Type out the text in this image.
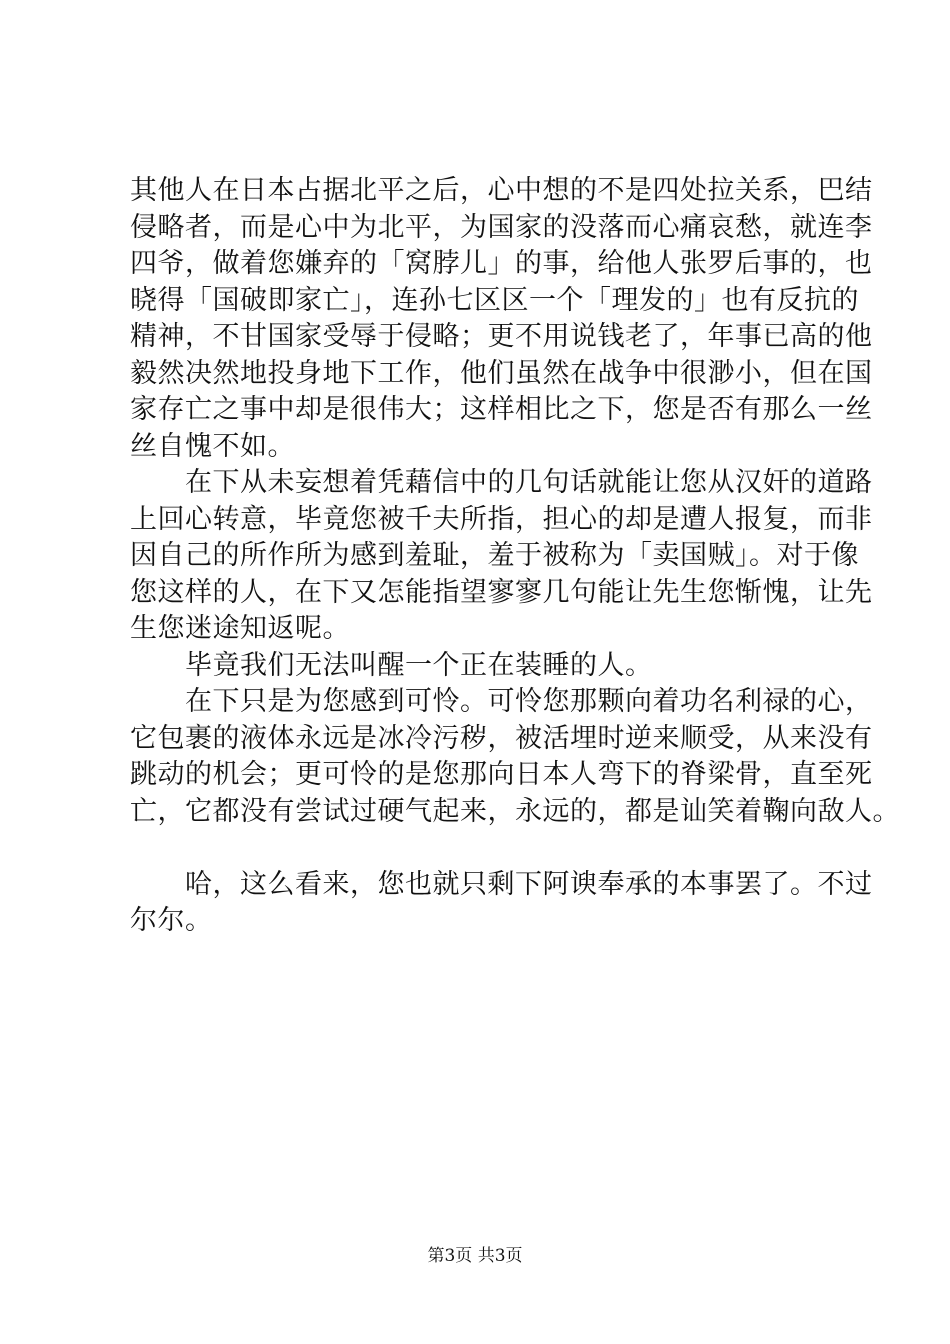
其他人在日本占据北平之后，心中想的不是四处拉关系，巴结
侵略者，而是心中为北平，为国家的没落而心痛哀愁，就连李
四爷，做着您嫌弃的「窝脖儿」的事，给他人张罗后事的，也
晓得「国破即家亡」，连孙七区区一个「理发的」也有反抗的
精神，不甘国家受辱于侵略；更不用说钱老了，年事已高的他
毅然决然地投身地下工作，他们虽然在战争中很渺小，但在国
家存亡之事中却是很伟大；这样相比之下，您是否有那么一丝
丝自愧不如。
　　在下从未妄想着凭藉信中的几句话就能让您从汉奸的道路
上回心转意，毕竟您被千夫所指，担心的却是遭人报复，而非
因自己的所作所为感到羞耻，羞于被称为「卖国贼」。对于像
您这样的人，在下又怎能指望寥寥几句能让先生您惭愧，让先
生您迷途知返呢。
　　毕竟我们无法叫醒一个正在装睡的人。
　　在下只是为您感到可怜。可怜您那颗向着功名利禄的心，
它包裹的液体永远是冰冷污秽，被活埋时逆来顺受，从来没有
跳动的机会；更可怜的是您那向日本人弯下的脊梁骨，直至死
亡，它都没有尝试过硬气起来，永远的，都是讪笑着鞠向敌人。
　　哈，这么看来，您也就只剩下阿谀奉承的本事罢了。不过
尔尔。
第3页 共3页
